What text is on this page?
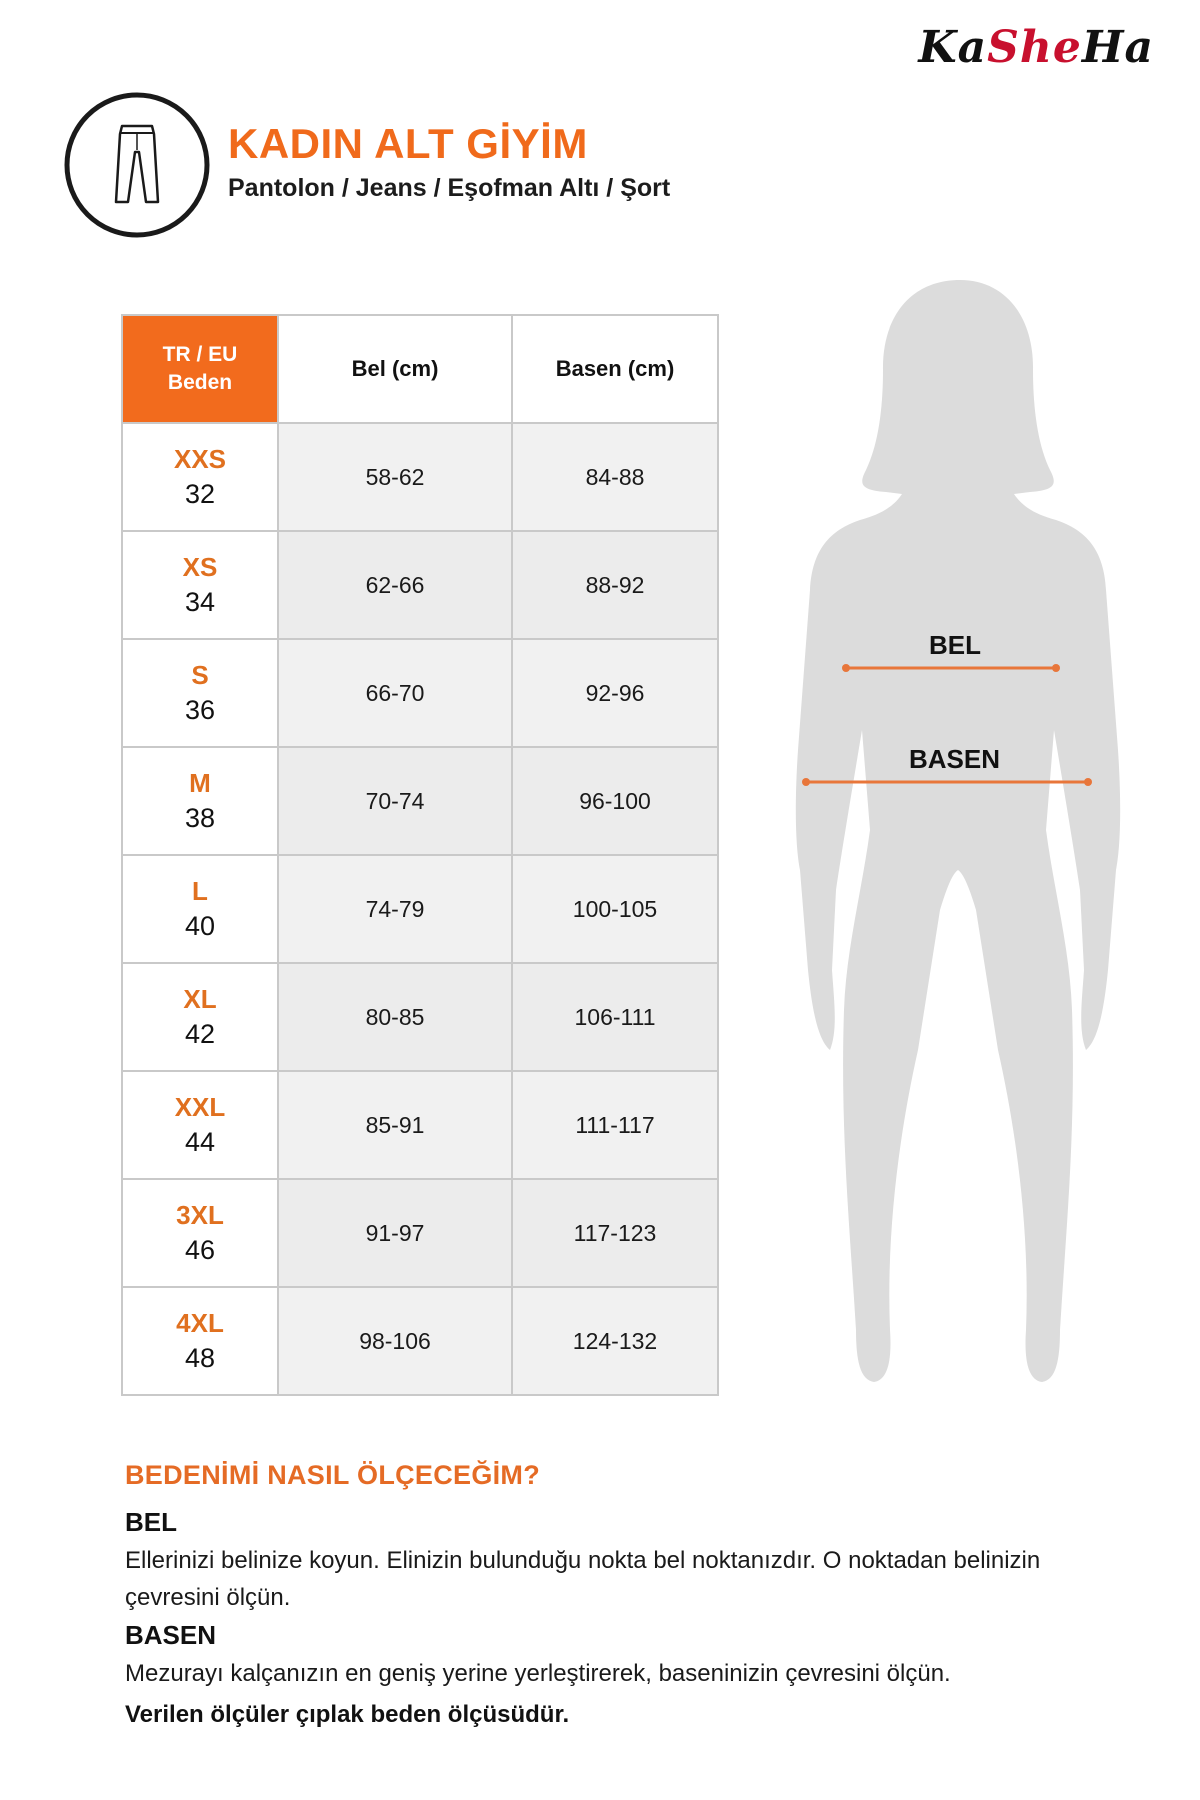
KaSheHa
KADIN ALT GİYİM
Pantolon / Jeans / Eşofman Altı / Şort
TR / EU
Beden	Bel (cm)	Basen (cm)

XXS
32	58-62	84-88

XS
34	62-66	88-92

S
36	66-70	92-96

M
38	70-74	96-100

L
40	74-79	100-105

XL
42	80-85	106-111

XXL
44	85-91	111-117

3XL
46	91-97	117-123

4XL
48	98-106	124-132
BEL
BASEN
BEDENİMİ NASIL ÖLÇECEĞİM?
BEL

Ellerinizi belinize koyun. Elinizin bulunduğu nokta bel noktanızdır. O noktadan belinizin çevresini ölçün.

BASEN

Mezurayı kalçanızın en geniş yerine yerleştirerek, baseninizin çevresini ölçün.

Verilen ölçüler çıplak beden ölçüsüdür.
